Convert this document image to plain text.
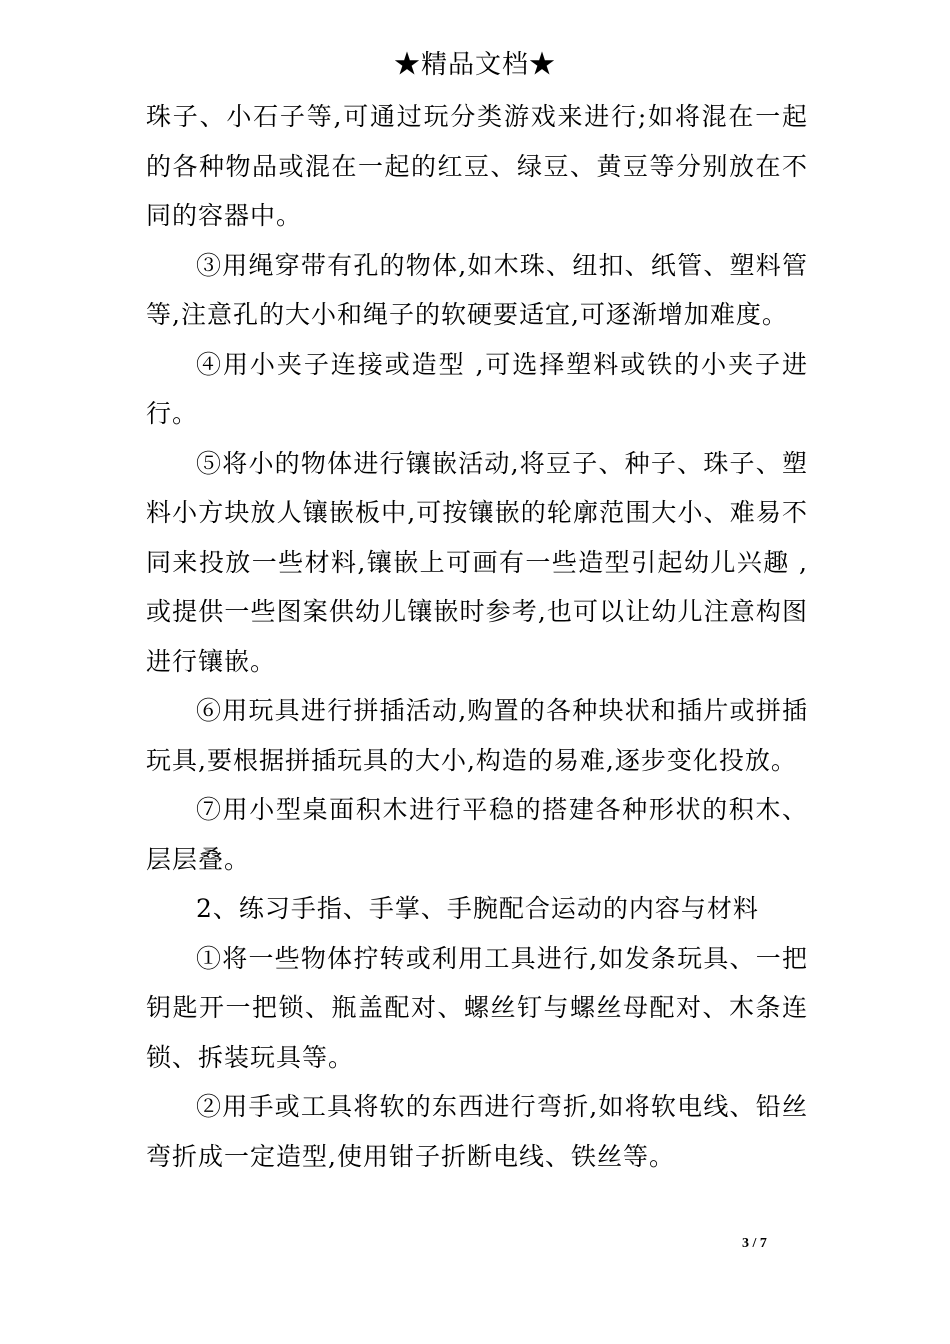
★精品文档★

珠子、小石子等,可通过玩分类游戏来进行;如将混在一起的各种物品或混在一起的红豆、绿豆、黄豆等分别放在不同的容器中。

③用绳穿带有孔的物体,如木珠、纽扣、纸管、塑料管等,注意孔的大小和绳子的软硬要适宜,可逐渐增加难度。

④用小夹子连接或造型 ,可选择塑料或铁的小夹子进行。

⑤将小的物体进行镶嵌活动,将豆子、种子、珠子、塑料小方块放人镶嵌板中,可按镶嵌的轮廓范围大小、难易不同来投放一些材料,镶嵌上可画有一些造型引起幼儿兴趣 ,或提供一些图案供幼儿镶嵌时参考,也可以让幼儿注意构图进行镶嵌。

⑥用玩具进行拼插活动,购置的各种块状和插片或拼插玩具,要根据拼插玩具的大小,构造的易难,逐步变化投放。

⑦用小型桌面积木进行平稳的搭建各种形状的积木、层层叠。

2、练习手指、手掌、手腕配合运动的内容与材料

①将一些物体拧转或利用工具进行,如发条玩具、一把钥匙开一把锁、瓶盖配对、螺丝钉与螺丝母配对、木条连锁、拆装玩具等。

②用手或工具将软的东西进行弯折,如将软电线、铅丝弯折成一定造型,使用钳子折断电线、铁丝等。

3 / 7
